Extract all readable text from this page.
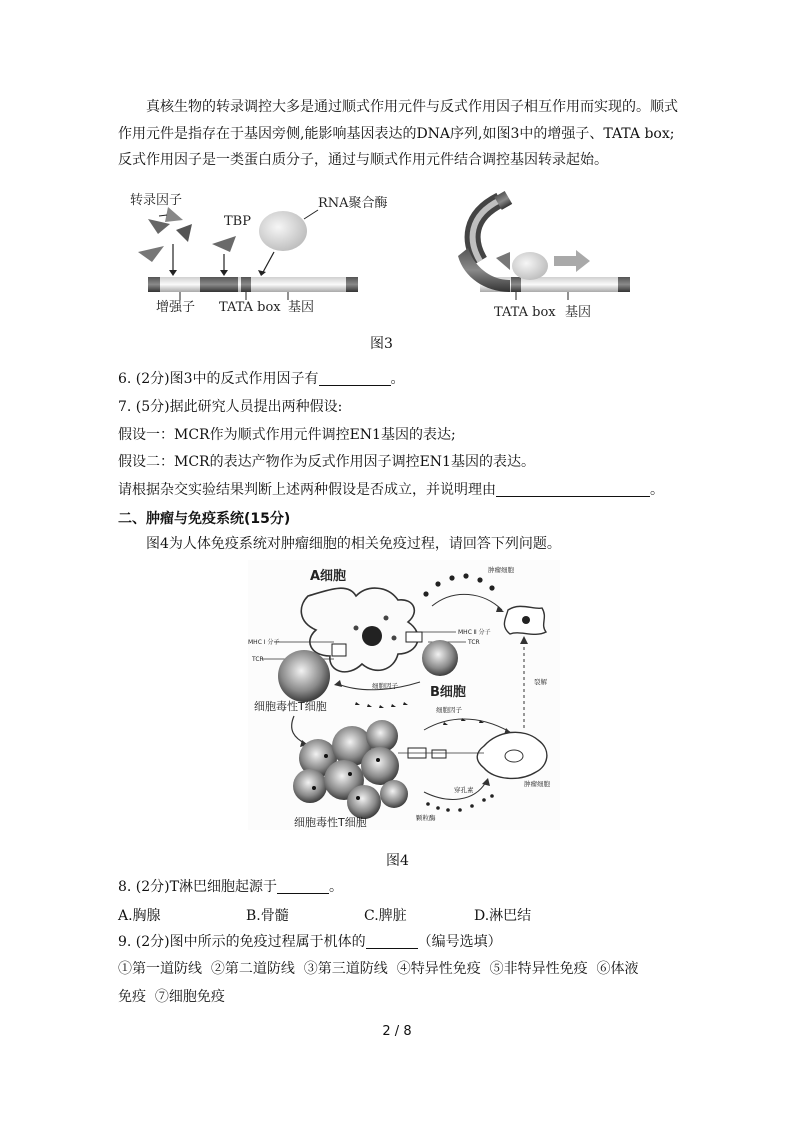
真核生物的转录调控大多是通过顺式作用元件与反式作用因子相互作用而实现的。顺式作用元件是指存在于基因旁侧,能影响基因表达的DNA序列,如图3中的增强子、TATA box;反式作用因子是一类蛋白质分子，通过与顺式作用元件结合调控基因转录起始。
转录因子
TBP
RNA聚合酶
增强子 TATA box 基因	TATA box 基因
图3
6. (2分)图3中的反式作用因子有	。
7. (5分)据此研究人员提出两种假设:
假设一：MCR作为顺式作用元件调控EN1基因的表达;
假设二：MCR的表达产物作为反式作用因子调控EN1基因的表达。
请根据杂交实验结果判断上述两种假设是否成立，并说明理由	。
二、肿瘤与免疫系统(15分)
图4为人体免疫系统对肿瘤细胞的相关免疫过程，请回答下列问题。
肿瘤细胞
A细胞
MHC Ⅰ 分子
TCR
MHC Ⅱ 分子
TCR
B细胞
细胞因子
细胞毒性T细胞	细胞因子
肿瘤细胞
裂解
穿孔素
颗粒酶
细胞毒性T细胞
图4
8. (2分)T淋巴细胞起源于	。
A.胸腺	B.骨髓	C.脾脏	D.淋巴结
9. (2分)图中所示的免疫过程属于机体的	（编号选填）
①第一道防线  ②第二道防线  ③第三道防线  ④特异性免疫  ⑤非特异性免疫  ⑥体液
免疫  ⑦细胞免疫
2 / 8
